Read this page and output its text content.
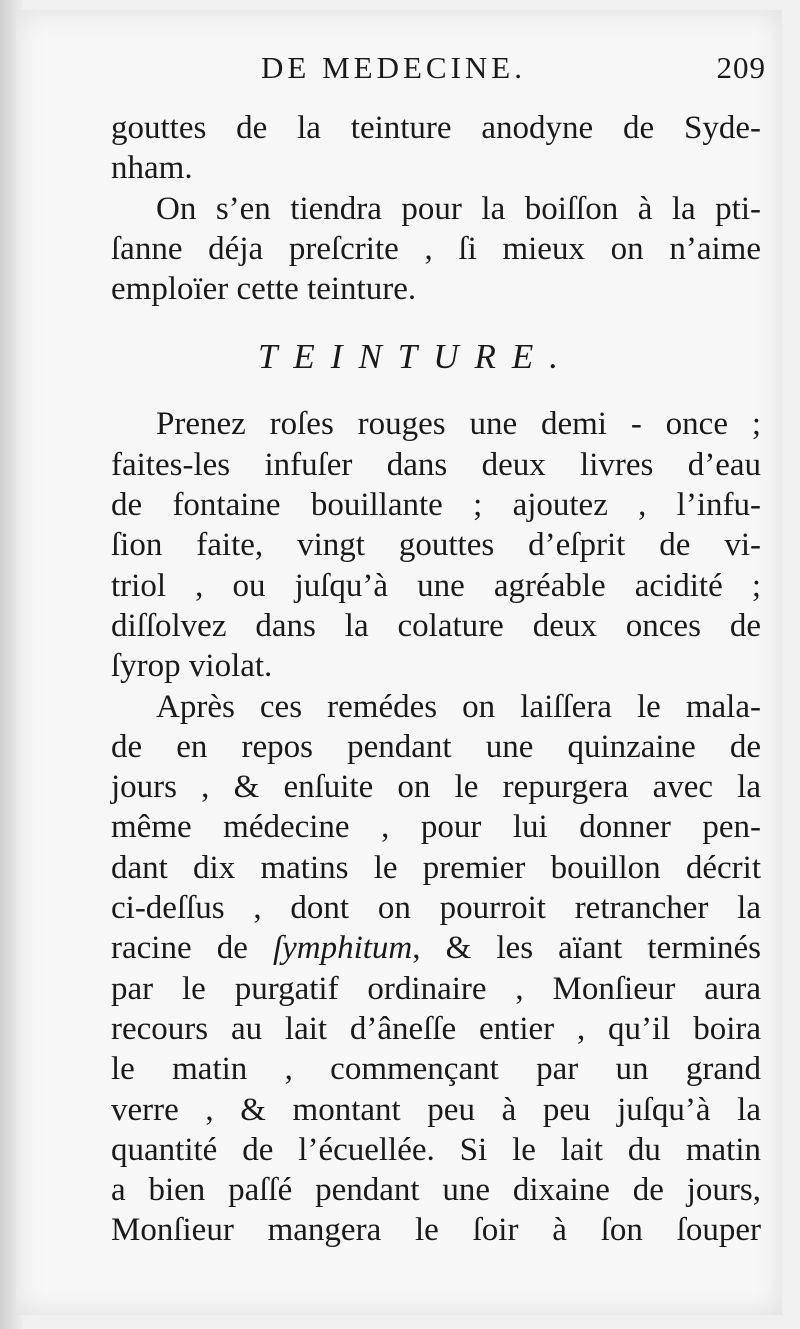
DE MEDECINE.	209
gouttes de la teinture anodyne de Syde-
nham.
On s’en tiendra pour la boiſſon à la pti-
ſanne déja preſcrite , ſi mieux on n’aime
emploïer cette teinture.
TEINTURE.
Prenez roſes rouges une demi - once ;
faites-les infuſer dans deux livres d’eau
de fontaine bouillante ; ajoutez , l’infu-
ſion faite, vingt gouttes d’eſprit de vi-
triol , ou juſqu’à une agréable acidité ;
diſſolvez dans la colature deux onces de
ſyrop violat.
Après ces remédes on laiſſera le mala-
de en repos pendant une quinzaine de
jours , & enſuite on le repurgera avec la
même médecine , pour lui donner pen-
dant dix matins le premier bouillon décrit
ci-deſſus , dont on pourroit retrancher la
racine de ſymphitum, & les aïant terminés
par le purgatif ordinaire , Monſieur aura
recours au lait d’âneſſe entier , qu’il boira
le matin , commençant par un grand
verre , & montant peu à peu juſqu’à la
quantité de l’écuellée. Si le lait du matin
a bien paſſé pendant une dixaine de jours,
Monſieur mangera le ſoir à ſon ſouper
